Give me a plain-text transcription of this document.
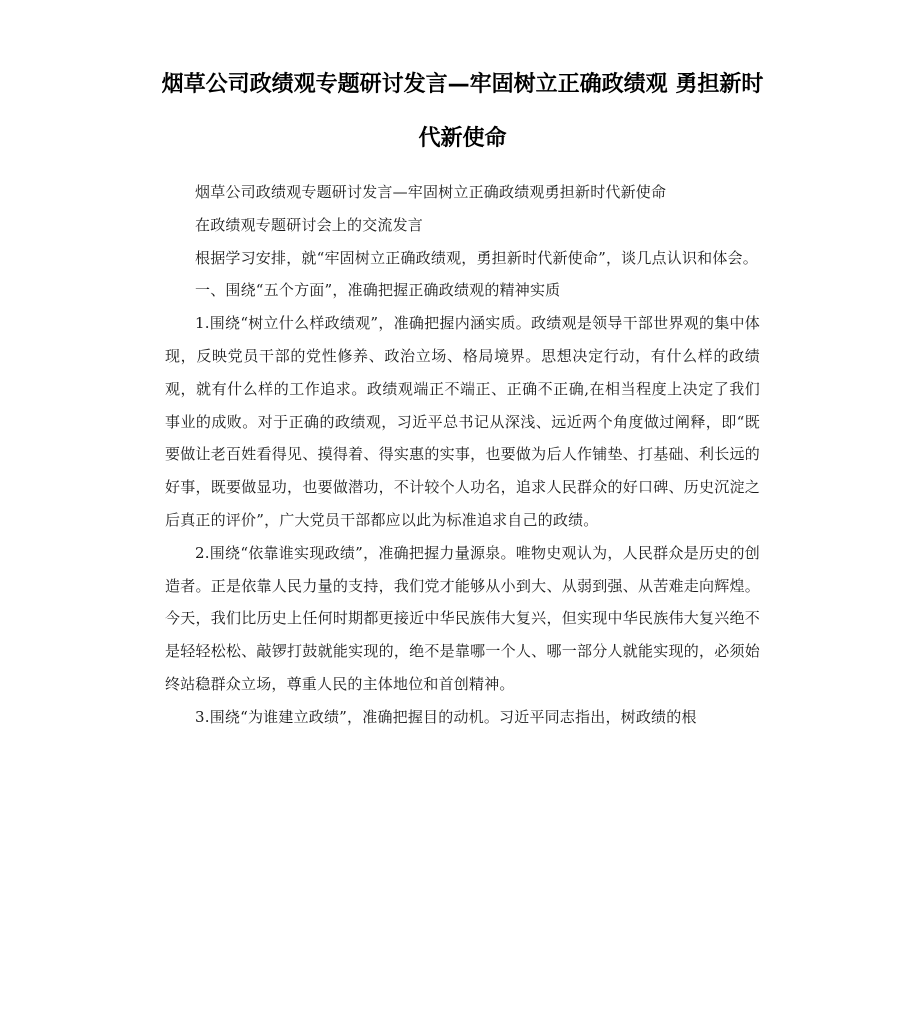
烟草公司政绩观专题研讨发言—牢固树立正确政绩观 勇担新时代新使命

烟草公司政绩观专题研讨发言—牢固树立正确政绩观勇担新时代新使命

在政绩观专题研讨会上的交流发言

根据学习安排，就“牢固树立正确政绩观，勇担新时代新使命”，谈几点认识和体会。

一、围绕“五个方面”，准确把握正确政绩观的精神实质

1.围绕“树立什么样政绩观”，准确把握内涵实质。政绩观是领导干部世界观的集中体现，反映党员干部的党性修养、政治立场、格局境界。思想决定行动，有什么样的政绩观，就有什么样的工作追求。政绩观端正不端正、正确不正确,在相当程度上决定了我们事业的成败。对于正确的政绩观，习近平总书记从深浅、远近两个角度做过阐释，即“既要做让老百姓看得见、摸得着、得实惠的实事，也要做为后人作铺垫、打基础、利长远的好事，既要做显功，也要做潜功，不计较个人功名，追求人民群众的好口碑、历史沉淀之后真正的评价”，广大党员干部都应以此为标准追求自己的政绩。

2.围绕“依靠谁实现政绩”，准确把握力量源泉。唯物史观认为，人民群众是历史的创造者。正是依靠人民力量的支持，我们党才能够从小到大、从弱到强、从苦难走向辉煌。今天，我们比历史上任何时期都更接近中华民族伟大复兴，但实现中华民族伟大复兴绝不是轻轻松松、敲锣打鼓就能实现的，绝不是靠哪一个人、哪一部分人就能实现的，必须始终站稳群众立场，尊重人民的主体地位和首创精神。

3.围绕“为谁建立政绩”，准确把握目的动机。习近平同志指出，树政绩的根
